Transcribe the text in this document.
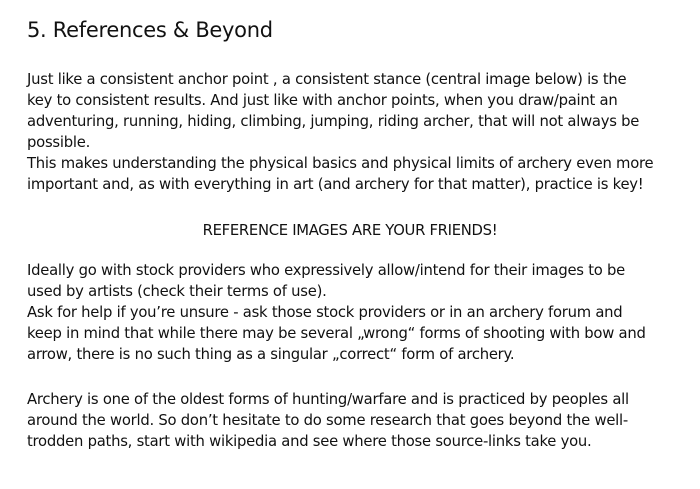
5. References & Beyond

Just like a consistent anchor point , a consistent stance (central image below) is the
key to consistent results. And just like with anchor points, when you draw/paint an
adventuring, running, hiding, climbing, jumping, riding archer, that will not always be
possible.

This makes understanding the physical basics and physical limits of archery even more
important and, as with everything in art (and archery for that matter), practice is key!

REFERENCE IMAGES ARE YOUR FRIENDS!

Ideally go with stock providers who expressively allow/intend for their images to be
used by artists (check their terms of use).

Ask for help if you’re unsure - ask those stock providers or in an archery forum and
keep in mind that while there may be several „wrong“ forms of shooting with bow and
arrow, there is no such thing as a singular „correct“ form of archery.

Archery is one of the oldest forms of hunting/warfare and is practiced by peoples all
around the world. So don’t hesitate to do some research that goes beyond the well-
trodden paths, start with wikipedia and see where those source-links take you.
